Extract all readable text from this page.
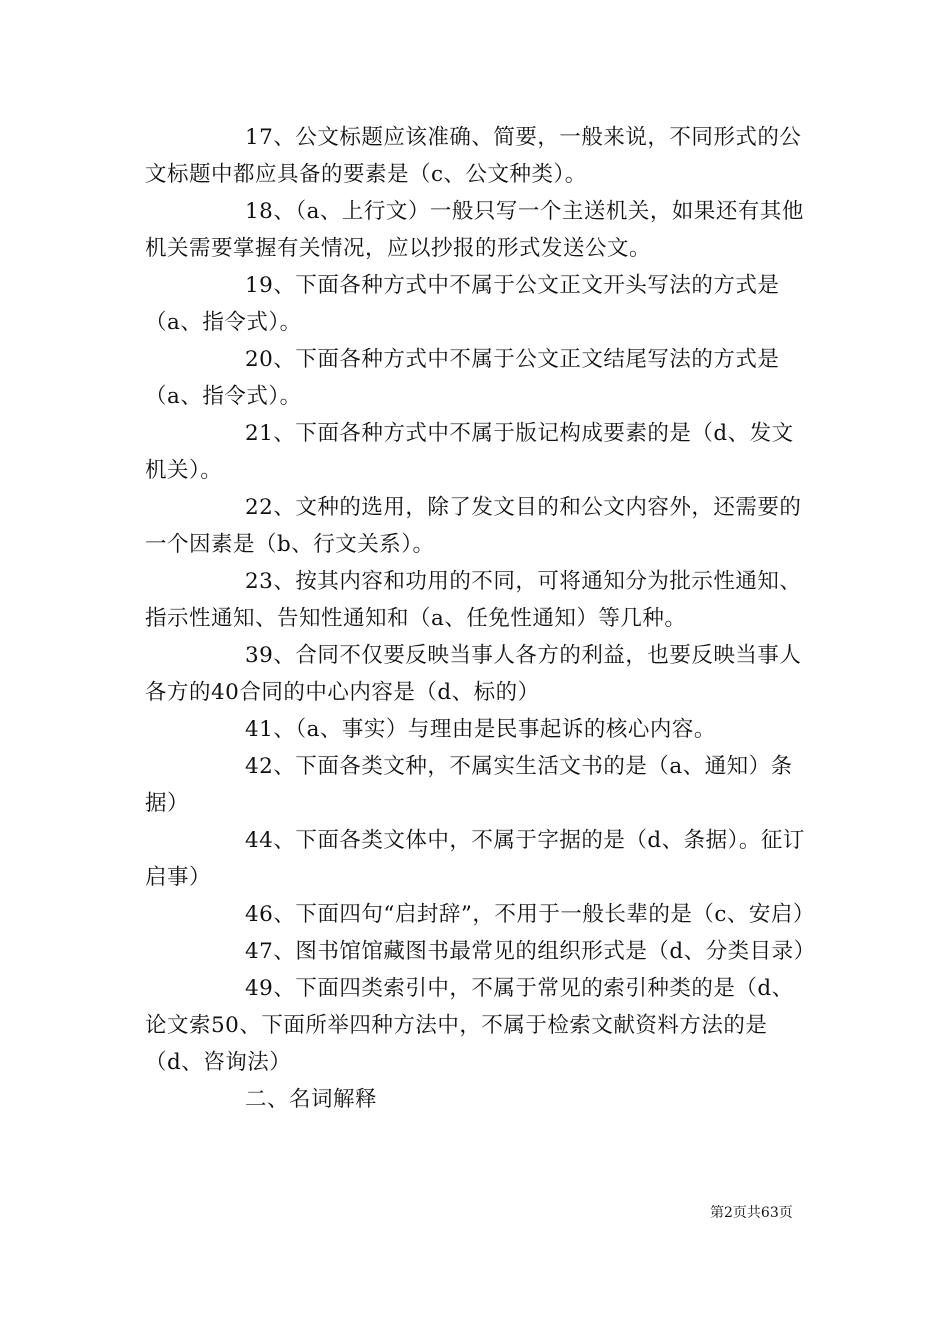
17、公文标题应该准确、简要，一般来说，不同形式的公文标题中都应具备的要素是（c、公文种类）。

18、（a、上行文）一般只写一个主送机关，如果还有其他机关需要掌握有关情况，应以抄报的形式发送公文。

19、下面各种方式中不属于公文正文开头写法的方式是（a、指令式）。

20、下面各种方式中不属于公文正文结尾写法的方式是（a、指令式）。

21、下面各种方式中不属于版记构成要素的是（d、发文机关）。

22、文种的选用，除了发文目的和公文内容外，还需要的一个因素是（b、行文关系）。

23、按其内容和功用的不同，可将通知分为批示性通知、指示性通知、告知性通知和（a、任免性通知）等几种。

39、合同不仅要反映当事人各方的利益，也要反映当事人各方的40合同的中心内容是（d、标的）

41、（a、事实）与理由是民事起诉的核心内容。

42、下面各类文种，不属实生活文书的是（a、通知）条据）

44、下面各类文体中，不属于字据的是（d、条据）。征订启事）

46、下面四句“启封辞”，不用于一般长辈的是（c、安启）

47、图书馆馆藏图书最常见的组织形式是（d、分类目录）

49、下面四类索引中，不属于常见的索引种类的是（d、论文索50、下面所举四种方法中，不属于检索文献资料方法的是（d、咨询法）

二、名词解释

第2页共63页
